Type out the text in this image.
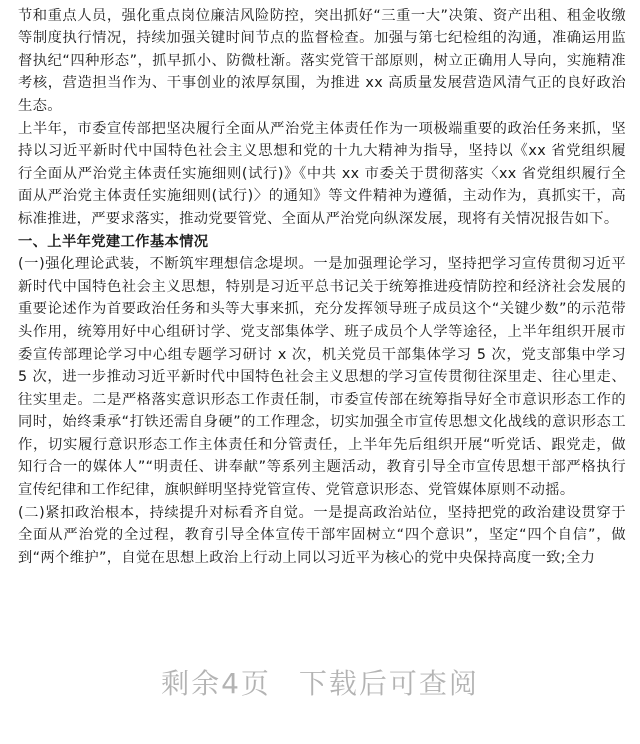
节和重点人员，强化重点岗位廉洁风险防控，突出抓好“三重一大”决策、资产出租、租金收缴等制度执行情况，持续加强关键时间节点的监督检查。加强与第七纪检组的沟通，准确运用监督执纪“四种形态”，抓早抓小、防微杜渐。落实党管干部原则，树立正确用人导向，实施精准考核，营造担当作为、干事创业的浓厚氛围，为推进 xx 高质量发展营造风清气正的良好政治生态。

上半年，市委宣传部把坚决履行全面从严治党主体责任作为一项极端重要的政治任务来抓，坚持以习近平新时代中国特色社会主义思想和党的十九大精神为指导，坚持以《xx 省党组织履行全面从严治党主体责任实施细则(试行)》《中共 xx 市委关于贯彻落实〈xx 省党组织履行全面从严治党主体责任实施细则(试行)〉的通知》等文件精神为遵循，主动作为，真抓实干，高标准推进，严要求落实，推动党要管党、全面从严治党向纵深发展，现将有关情况报告如下。

一、上半年党建工作基本情况

(一)强化理论武装，不断筑牢理想信念堤坝。一是加强理论学习，坚持把学习宣传贯彻习近平新时代中国特色社会主义思想，特别是习近平总书记关于统筹推进疫情防控和经济社会发展的重要论述作为首要政治任务和头等大事来抓，充分发挥领导班子成员这个“关键少数”的示范带头作用，统筹用好中心组研讨学、党支部集体学、班子成员个人学等途径，上半年组织开展市委宣传部理论学习中心组专题学习研讨 x 次，机关党员干部集体学习 5 次，党支部集中学习 5 次，进一步推动习近平新时代中国特色社会主义思想的学习宣传贯彻往深里走、往心里走、往实里走。二是严格落实意识形态工作责任制，市委宣传部在统筹指导好全市意识形态工作的同时，始终秉承“打铁还需自身硬”的工作理念，切实加强全市宣传思想文化战线的意识形态工作，切实履行意识形态工作主体责任和分管责任，上半年先后组织开展“听党话、跟党走，做知行合一的媒体人”“明责任、讲奉献”等系列主题活动，教育引导全市宣传思想干部严格执行宣传纪律和工作纪律，旗帜鲜明坚持党管宣传、党管意识形态、党管媒体原则不动摇。

(二)紧扣政治根本，持续提升对标看齐自觉。一是提高政治站位，坚持把党的政治建设贯穿于全面从严治党的全过程，教育引导全体宣传干部牢固树立“四个意识”，坚定“四个自信”，做到“两个维护”，自觉在思想上政治上行动上同以习近平为核心的党中央保持高度一致;全力

剩余4页 下载后可查阅
